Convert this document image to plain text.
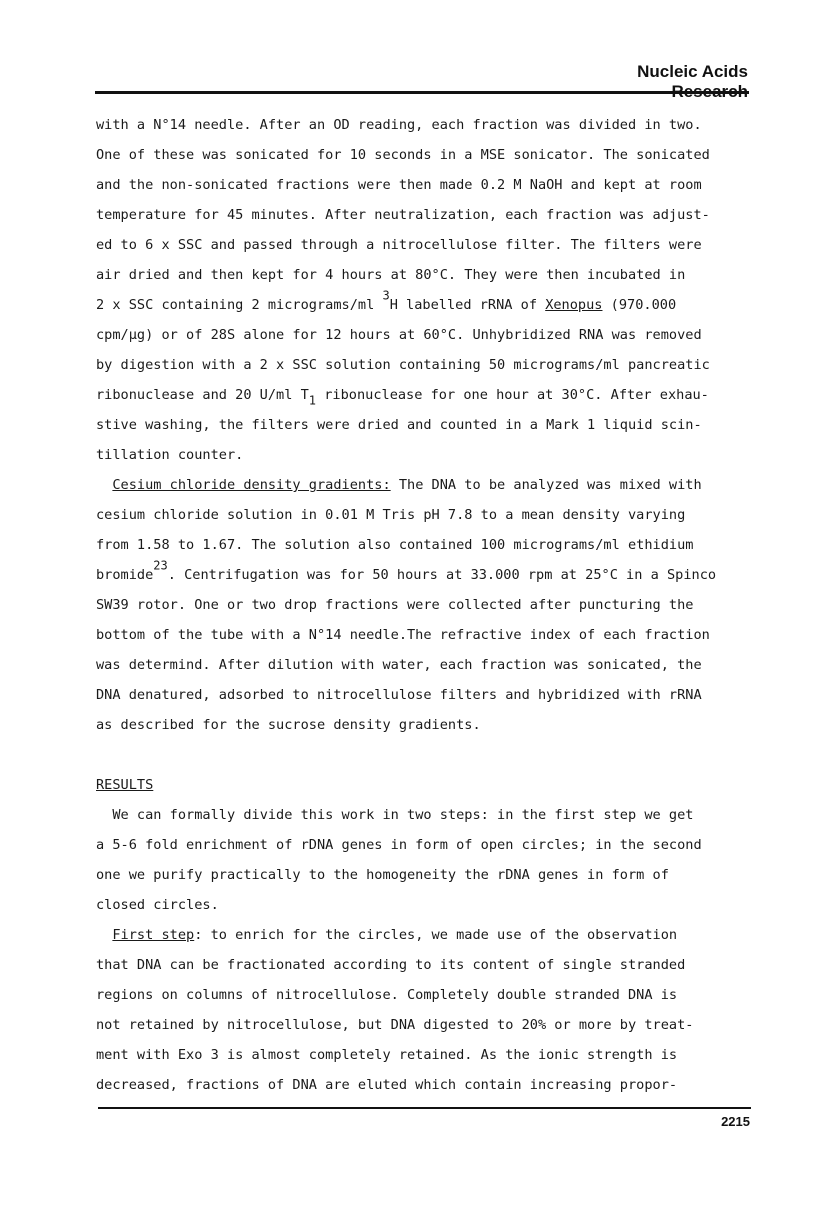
Nucleic Acids Research
with a N°14 needle. After an OD reading, each fraction was divided in two.
One of these was sonicated for 10 seconds in a MSE sonicator. The sonicated
and the non-sonicated fractions were then made 0.2 M NaOH and kept at room
temperature for 45 minutes. After neutralization, each fraction was adjust-
ed to 6 x SSC and passed through a nitrocellulose filter. The filters were
air dried and then kept for 4 hours at 80°C. They were then incubated in
2 x SSC containing 2 micrograms/ml 3H labelled rRNA of Xenopus (970.000
cpm/µg) or of 28S alone for 12 hours at 60°C. Unhybridized RNA was removed
by digestion with a 2 x SSC solution containing 50 micrograms/ml pancreatic
ribonuclease and 20 U/ml T1 ribonuclease for one hour at 30°C. After exhau-
stive washing, the filters were dried and counted in a Mark 1 liquid scin-
tillation counter.
Cesium chloride density gradients: The DNA to be analyzed was mixed with
cesium chloride solution in 0.01 M Tris pH 7.8 to a mean density varying
from 1.58 to 1.67. The solution also contained 100 micrograms/ml ethidium
bromide23. Centrifugation was for 50 hours at 33.000 rpm at 25°C in a Spinco
SW39 rotor. One or two drop fractions were collected after puncturing the
bottom of the tube with a N°14 needle.The refractive index of each fraction
was determind. After dilution with water, each fraction was sonicated, the
DNA denatured, adsorbed to nitrocellulose filters and hybridized with rRNA
as described for the sucrose density gradients.
RESULTS
We can formally divide this work in two steps: in the first step we get
a 5-6 fold enrichment of rDNA genes in form of open circles; in the second
one we purify practically to the homogeneity the rDNA genes in form of
closed circles.
First step: to enrich for the circles, we made use of the observation
that DNA can be fractionated according to its content of single stranded
regions on columns of nitrocellulose. Completely double stranded DNA is
not retained by nitrocellulose, but DNA digested to 20% or more by treat-
ment with Exo 3 is almost completely retained. As the ionic strength is
decreased, fractions of DNA are eluted which contain increasing propor-
2215
